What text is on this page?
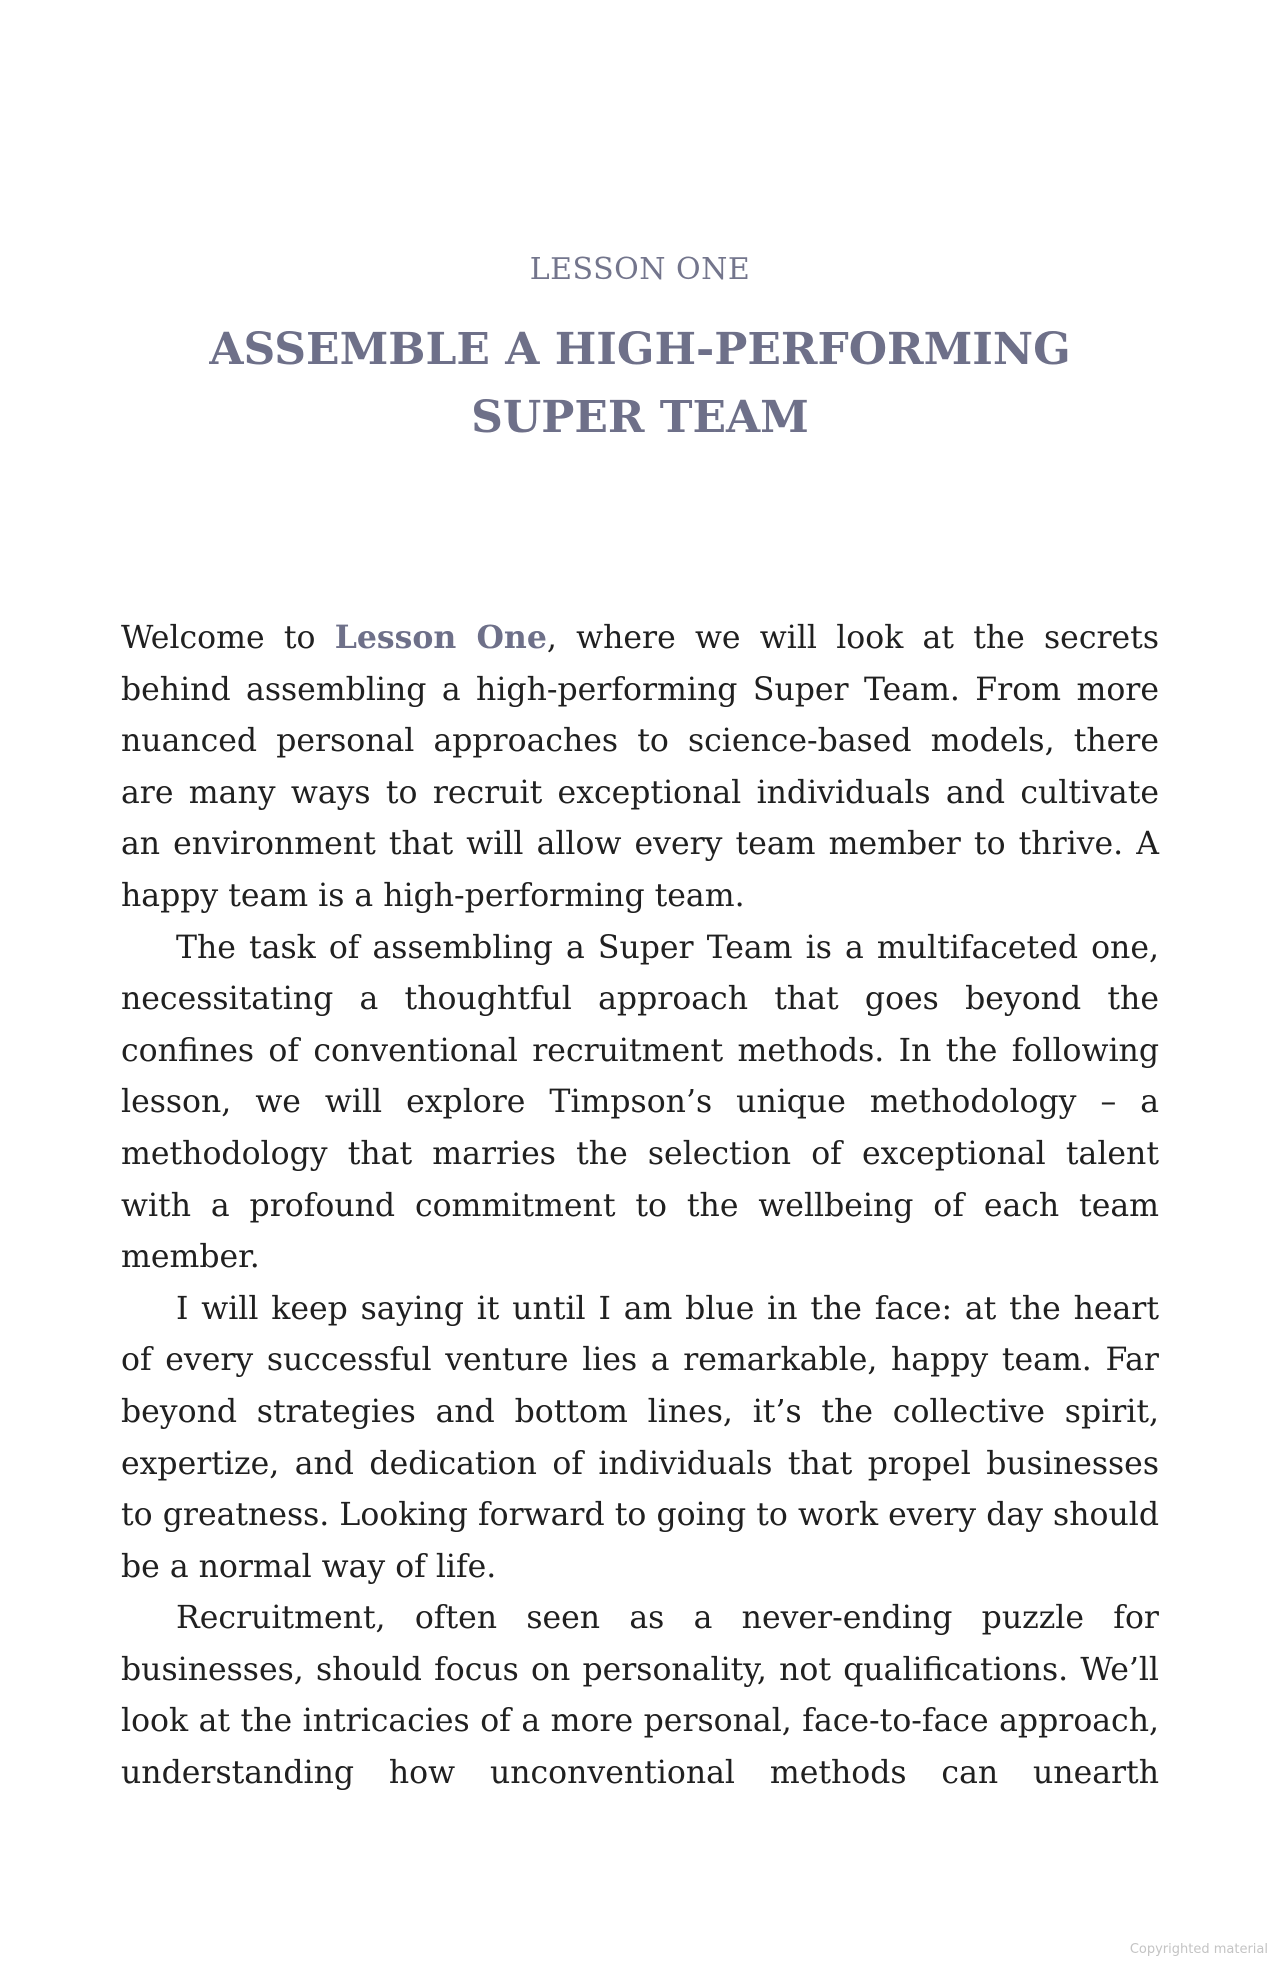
LESSON ONE
ASSEMBLE A HIGH-PERFORMING SUPER TEAM

Welcome to Lesson One, where we will look at the secrets behind assembling a high-performing Super Team. From more nuanced personal approaches to science-based models, there are many ways to recruit exceptional individuals and cultivate an environment that will allow every team member to thrive. A happy team is a high-performing team.

The task of assembling a Super Team is a multifaceted one, necessitating a thoughtful approach that goes beyond the confines of conventional recruitment methods. In the following lesson, we will explore Timpson’s unique methodology – a methodology that marries the selection of exceptional talent with a profound commitment to the wellbeing of each team member.

I will keep saying it until I am blue in the face: at the heart of every successful venture lies a remarkable, happy team. Far beyond strategies and bottom lines, it’s the collective spirit, expertize, and dedication of individuals that propel businesses to greatness. Looking forward to going to work every day should be a normal way of life.

Recruitment, often seen as a never-ending puzzle for businesses, should focus on personality, not qualifications. We’ll look at the intricacies of a more personal, face-to-face approach, understanding how unconventional methods can unearth

Copyrighted material
